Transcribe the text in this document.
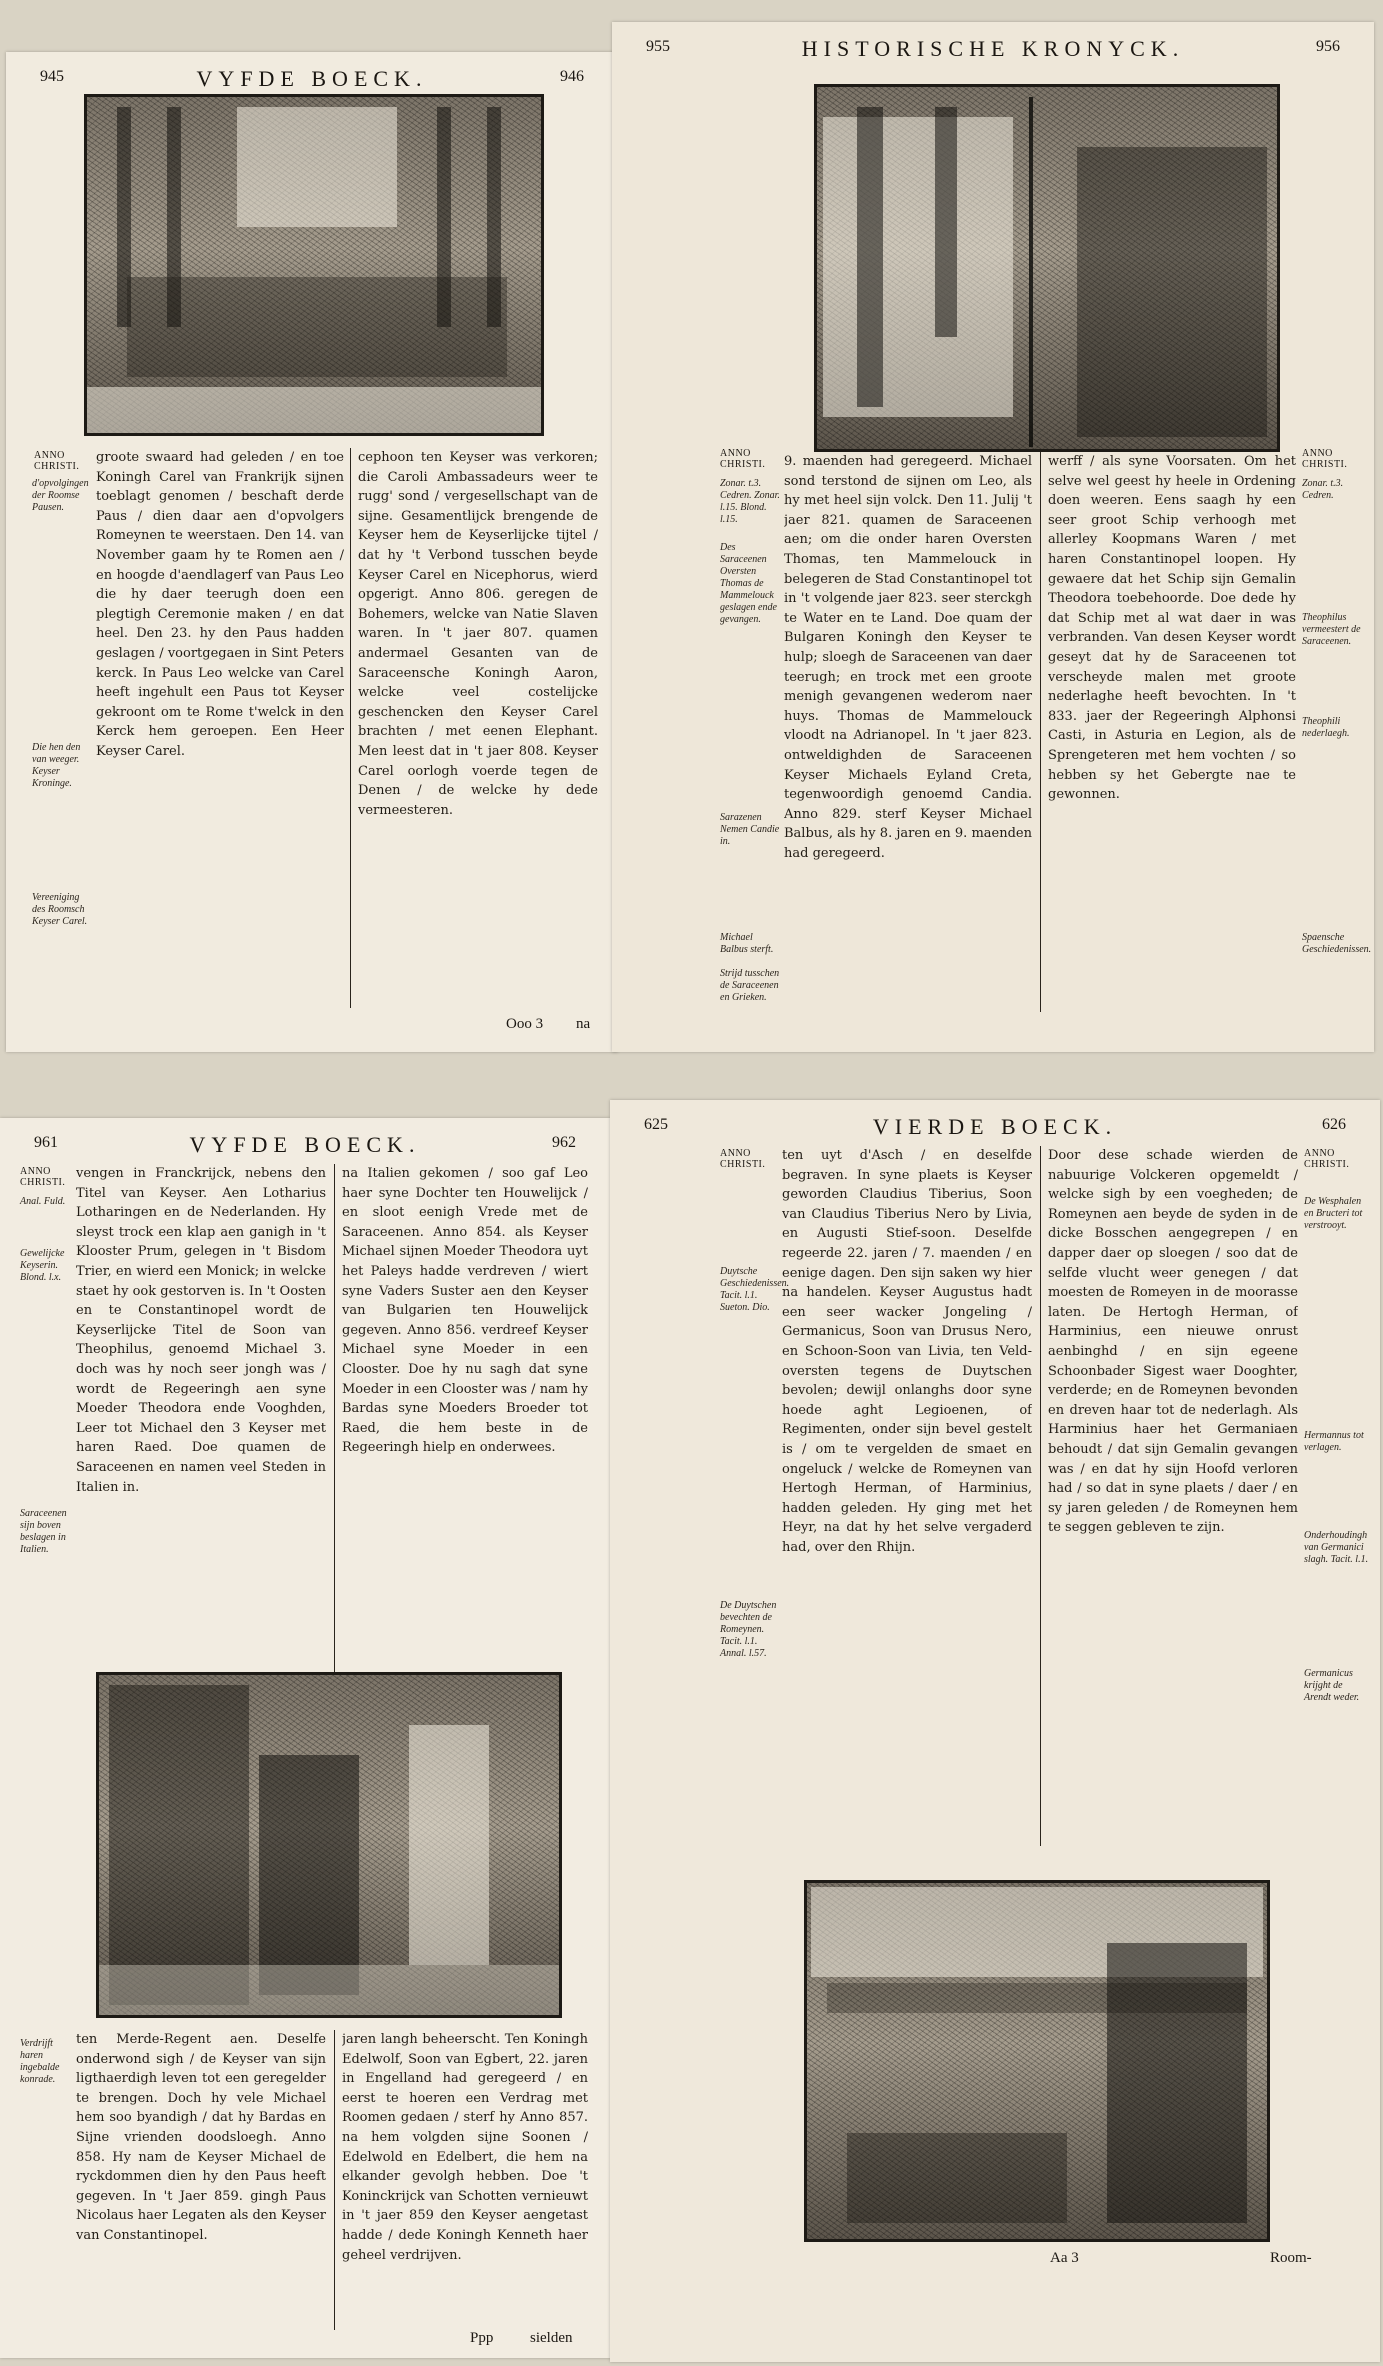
945	VYFDE BOECK.	946
ANNO CHRISTI.
d'opvolgingen der Roomse Pausen.
Die hen den van weeger. Keyser Kroninge.
Vereeniging des Roomsch Keyser Carel.

groote swaard had geleden / en toe Koningh Carel van Frankrijk sijnen toeblagt genomen / beschaft derde Paus / dien daar aen d'opvolgers Romeynen te weerstaen. Den 14. van November gaam hy te Romen aen / en hoogde d'aendlagerf van Paus Leo die hy daer teerugh doen een plegtigh Ceremonie maken / en dat heel. Den 23. hy den Paus hadden geslagen / voortgegaen in Sint Peters kerck. In Paus Leo welcke van Carel heeft ingehult een Paus tot Keyser gekroont om te Rome t'welck in den Kerck hem geroepen. Een Heer Keyser Carel.

cephoon ten Keyser was verkoren; die Caroli Ambassadeurs weer te rugg' sond / vergesellschapt van de sijne. Gesamentlijck brengende de Keyser hem de Keyserlijcke tijtel / dat hy 't Verbond tusschen beyde Keyser Carel en Nicephorus, wierd opgerigt. Anno 806. geregen de Bohemers, welcke van Natie Slaven waren. In 't jaer 807. quamen andermael Gesanten van de Saraceensche Koningh Aaron, welcke veel costelijcke geschencken den Keyser Carel brachten / met eenen Elephant. Men leest dat in 't jaer 808. Keyser Carel oorlogh voerde tegen de Denen / de welcke hy dede vermeesteren.

Ooo 3 na
955	HISTORISCHE KRONYCK.	956
ANNO CHRISTI.
ANNO CHRISTI.
Zonar. t.3. Cedren. Zonar. l.15. Blond. l.15.
Des Saraceenen Oversten Thomas de Mammelouck geslagen ende gevangen.
Sarazenen Nemen Candie in.
Michael Balbus sterft.
Strijd tusschen de Saraceenen en Grieken.
Zonar. t.3. Cedren.
Theophilus vermeestert de Saraceenen.
Theophili nederlaegh.
Spaensche Geschiedenissen.

9. maenden had geregeerd. Michael sond terstond de sijnen om Leo, als hy met heel sijn volck. Den 11. Julij 't jaer 821. quamen de Saraceenen aen; om die onder haren Oversten Thomas, ten Mammelouck in belegeren de Stad Constantinopel tot in 't volgende jaer 823. seer sterckgh te Water en te Land. Doe quam der Bulgaren Koningh den Keyser te hulp; sloegh de Saraceenen van daer teerugh; en trock met een groote menigh gevangenen wederom naer huys. Thomas de Mammelouck vloodt na Adrianopel. In 't jaer 823. ontweldighden de Saraceenen Keyser Michaels Eyland Creta, tegenwoordigh genoemd Candia. Anno 829. sterf Keyser Michael Balbus, als hy 8. jaren en 9. maenden had geregeerd.

werff / als syne Voorsaten. Om het selve wel geest hy heele in Ordening doen weeren. Eens saagh hy een seer groot Schip verhoogh met allerley Koopmans Waren / met haren Constantinopel loopen. Hy gewaere dat het Schip sijn Gemalin Theodora toebehoorde. Doe dede hy dat Schip met al wat daer in was verbranden. Van desen Keyser wordt geseyt dat hy de Saraceenen tot verscheyde malen met groote nederlaghe heeft bevochten. In 't 833. jaer der Regeeringh Alphonsi Casti, in Asturia en Legion, als de Sprengeteren met hem vochten / so hebben sy het Gebergte nae te gewonnen.

961	VYFDE BOECK.	962
ANNO CHRISTI.
Anal. Fuld.
Gewelijcke Keyserin. Blond. l.x.
Saraceenen sijn boven beslagen in Italien.
Verdrijft haren ingebalde konrade.

vengen in Franckrijck, nebens den Titel van Keyser. Aen Lotharius Lotharingen en de Nederlanden. Hy sleyst trock een klap aen ganigh in 't Klooster Prum, gelegen in 't Bisdom Trier, en wierd een Monick; in welcke staet hy ook gestorven is. In 't Oosten en te Constantinopel wordt de Keyserlijcke Titel de Soon van Theophilus, genoemd Michael 3. doch was hy noch seer jongh was / wordt de Regeeringh aen syne Moeder Theodora ende Vooghden, Leer tot Michael den 3 Keyser met haren Raed. Doe quamen de Saraceenen en namen veel Steden in Italien in.

na Italien gekomen / soo gaf Leo haer syne Dochter ten Houwelijck / en sloot eenigh Vrede met de Saraceenen. Anno 854. als Keyser Michael sijnen Moeder Theodora uyt het Paleys hadde verdreven / wiert syne Vaders Suster aen den Keyser van Bulgarien ten Houwelijck gegeven. Anno 856. verdreef Keyser Michael syne Moeder in een Clooster. Doe hy nu sagh dat syne Moeder in een Clooster was / nam hy Bardas syne Moeders Broeder tot Raed, die hem beste in de Regeeringh hielp en onderwees.

ten Merde-Regent aen. Deselfe onderwond sigh / de Keyser van sijn ligthaerdigh leven tot een geregelder te brengen. Doch hy vele Michael hem soo byandigh / dat hy Bardas en Sijne vrienden doodsloegh. Anno 858. Hy nam de Keyser Michael de ryckdommen dien hy den Paus heeft gegeven. In 't Jaer 859. gingh Paus Nicolaus haer Legaten als den Keyser van Constantinopel.

jaren langh beheerscht. Ten Koningh Edelwolf, Soon van Egbert, 22. jaren in Engelland had geregeerd / en eerst te hoeren een Verdrag met Roomen gedaen / sterf hy Anno 857. na hem volgden sijne Soonen / Edelwold en Edelbert, die hem na elkander gevolgh hebben. Doe 't Koninckrijck van Schotten vernieuwt in 't jaer 859 den Keyser aengetast hadde / dede Koningh Kenneth haer geheel verdrijven.

Ppp sielden
625	VIERDE BOECK.	626
ANNO CHRISTI.
ANNO CHRISTI.
Duytsche Geschiedenissen. Tacit. l.1. Sueton. Dio.
De Duytschen bevechten de Romeynen. Tacit. l.1. Annal. l.57.
De Wesphalen en Bructeri tot verstrooyt.
Hermannus tot verlagen.
Onderhoudingh van Germanici slagh. Tacit. l.1.
Germanicus krijght de Arendt weder.

ten uyt d'Asch / en deselfde begraven. In syne plaets is Keyser geworden Claudius Tiberius, Soon van Claudius Tiberius Nero by Livia, en Augusti Stief-soon. Deselfde regeerde 22. jaren / 7. maenden / en eenige dagen. Den sijn saken wy hier na handelen. Keyser Augustus hadt een seer wacker Jongeling / Germanicus, Soon van Drusus Nero, en Schoon-Soon van Livia, ten Veld-oversten tegens de Duytschen bevolen; dewijl onlanghs door syne hoede aght Legioenen, of Regimenten, onder sijn bevel gestelt is / om te vergelden de smaet en ongeluck / welcke de Romeynen van Hertogh Herman, of Harminius, hadden geleden. Hy ging met het Heyr, na dat hy het selve vergaderd had, over den Rhijn.

Door dese schade wierden de nabuurige Volckeren opgemeldt / welcke sigh by een voegheden; de Romeynen aen beyde de syden in de dicke Bosschen aengegrepen / en dapper daer op sloegen / soo dat de selfde vlucht weer genegen / dat moesten de Romeyen in de moorasse laten. De Hertogh Herman, of Harminius, een nieuwe onrust aenbinghd / en sijn egeene Schoonbader Sigest waer Dooghter, verderde; en de Romeynen bevonden en dreven haar tot de nederlagh. Als Harminius haer het Germaniaen behoudt / dat sijn Gemalin gevangen was / en dat hy sijn Hoofd verloren had / so dat in syne plaets / daer / en sy jaren geleden / de Romeynen hem te seggen gebleven te zijn.

Aa 3	Room-
